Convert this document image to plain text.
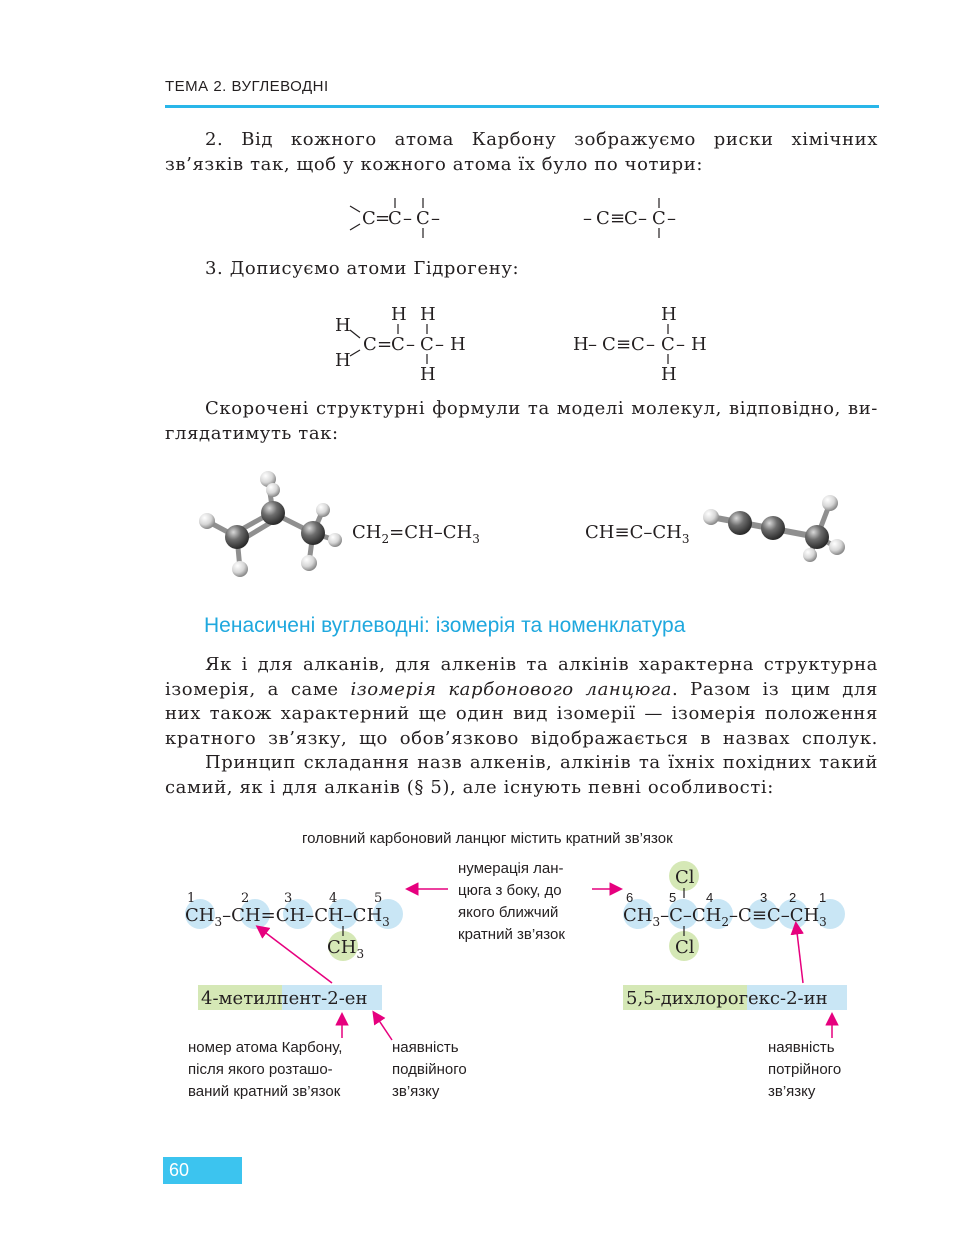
ТЕМА 2. ВУГЛЕВОДНІ
2. Від кожного атома Карбону зображуємо риски хімічних
зв’язків так, щоб у кожного атома їх було по чотири:
C =
C – C –	– C ≡
C – C –
3. Дописуємо атоми Гідрогену:
H
H
C =
C
H
– C
H
H
– H	H – C ≡ C – C
H
H
– H
Скорочені структурні формули та моделі молекул, відповідно, ви-
глядатимуть так:
$CH_2=CH-CH_3$	$CH\equiv C-CH_3$
Ненасичені вуглеводні: ізомерія та номенклатура
Як і для алканів, для алкенів та алкінів характерна структурна
ізомерія, а саме ізомерія карбонового ланцюга. Разом із цим для
них також характерний ще один вид ізомерії — ізомерія положення
кратного зв’язку, що обов’язково відображається в назвах сполук.
Принцип складання назв алкенів, алкінів та їхніх похідних такий
самий, як і для алканів (§ 5), але існують певні особливості:
головний карбоновий ланцюг містить кратний зв’язок
1	2	3	4	5
$CH_3-CH=CH-CH-CH_3$
$CH_3$
нумерація лан-
цюга з боку, до
якого ближчий
кратний зв’язок
6	5 4	3 2 1
Cl
$CH_3-C-CH_2-C\equiv C-CH_3$
Cl
4-метилпент-2-ен	5,5-дихлорогекс-2-ин
номер атома Карбону,
після якого розташо-
ваний кратний зв’язок
наявність
подвійного
зв’язку
наявність
потрійного
зв’язку
60
